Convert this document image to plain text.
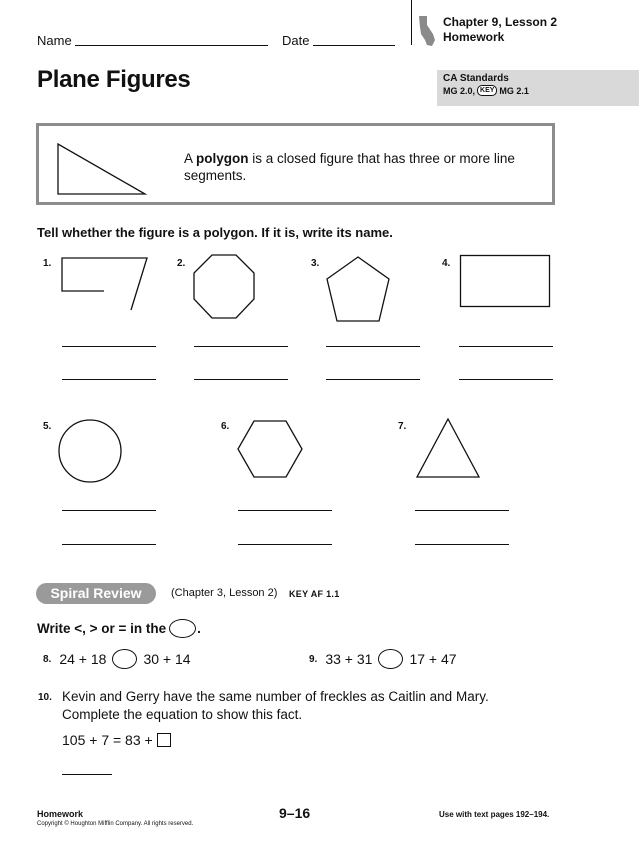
Name	Date
Chapter 9, Lesson 2
Homework
Plane Figures	CA Standards
MG 2.0, KEY MG 2.1
A polygon is a closed figure that has three or more line
segments.
Tell whether the figure is a polygon. If it is, write its name.
1.	2.	3.	4.
5.	6.	7.
Spiral Review	(Chapter 3, Lesson 2) KEY AF 1.1
Write <, > or = in the .
8. 24 + 18	30 + 14	9. 33 + 31	17 + 47
10. Kevin and Gerry have the same number of freckles as Caitlin and Mary.
Complete the equation to show this fact.
105 + 7 = 83 +
Homework
Copyright © Houghton Mifflin Company. All rights reserved.
9–16	Use with text pages 192–194.
